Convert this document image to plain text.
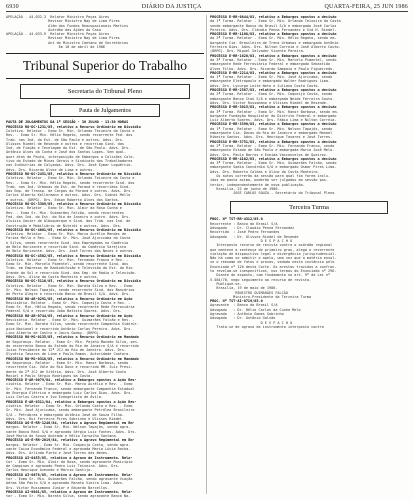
6930	DIÁRIO DA JUSTIÇA	QUARTA-FEIRA, 25 JUN 1986
APELAÇÃO - 44.032-3  Relator Ministro Peças Aires
Revisor Ministro Nay de Lima Pires
Além dos Fundos Reocupacionais Martins
Acórdão das Ações do Caso
APELAÇÃO - 44.033-9  Relator Ministro Peças Aires
Revisor Ministro Nay de Lima Pires
Ant do Ministro Caetano de Secretários
Em 10 de abril de 1986
Tribunal Superior do Trabalho
Secretaria do Tribunal Pleno
Pauta de Julgamentos
PAUTA DE JULGAMENTOS DA 1ª SESSÃO - 30 JULHO - 13:30 HORAS
PROCESSO RO-DC-1231/85, relativo a Recurso Ordinário em Dissídio
Coletivo. Relator - Exmo Sr. Min. Orlando Teixeira da Costa e
Rev. - Exmo Sr. Min. Hélio Regato, sendo recorrente Fed. dos
Trab. nas Ind. do Est. de São Paulo e outros. Advs. Drs.
Ulisses Riedel de Resende e outros e recorrido Sind. das
Ind. de Fiação e Tecelagem do Est. de São Paulo. Advs. Drs.
Antônio Alves da Cunha e José dos Santos Lopes. Sem qual-
quer atos de Pauta, interposição de Embargos a Colisões Cole-
tivo do Estado de Minas Gerais e Sindicato dos Trabalhadores
nas Indústrias de Calçados. Advs. Drs. José Eymar Loguércio.
Advs. Drs. Ricardo Alves de Lima e outros.
PROCESSO RO-DC-2451/85, relativo a Recurso Ordinário em Dissídio
Coletivo. Relator - Exmo Sr. Min. Orlando Teixeira da Costa e
Rev. - Exmo Sr. Min. Hélio Regato, sendo recorrente Sind. dos
Trab. nas Ind. Urbanas do Est. do Paraná e recorridos Sind.
das Emp. de Transp. de Cargas do Paraná e outros. Advs. Drs.
Carlos Alberto Kellermann e outros. Advs. Drs. Sidnei Mello
e outros. (DRPG). Drs. Edson Roberto Alves dos Santos.
PROCESSO RO-DC-3389/85, relativo a Recurso Ordinário em Dissídio
Coletivo. Relator - Exmo Sr. Min. Almir da Rosa Cunha e
Rev. - Exmo Sr. Min. Guimarães Falcão, sendo recorrentes
Fed. das Ind. do Est. do Rio de Janeiro e outro. Advs. Drs.
Aluízio Xavier de Albuquerque e Sind. dos Trab. nas Ind. de
Construção e Mobiliário de Niterói e outros. Advs. Drs.
PROCESSO RO-DC-4001/85, relativo a Recurso Ordinário em Dissídio
Coletivo. Relator - Exmo Sr. Min. Marco Aurélio Mendes de
Farias Mello e Rev. - Exmo Sr. Min. José Ajuricaba da Costa
e Silva, sendo recorrente Sind. dos Empregados no Comércio
de Belo Horizonte e recorrido Sind. do Comércio Varejista
de Belo Horizonte. Advs. Drs. José Torres das Neves e outros.
PROCESSO RO-DC-4502/85, relativo a Recurso Ordinário em Dissídio
Coletivo. Relator - Exmo Sr. Min. Fernando Franco e Rev. -
Exmo Sr. Min. Marcelo Pimentel, sendo recorrente Sind. dos
Trab. em Empresas de Radiodifusão e Televisão do Est. do Rio
Grande do Sul e recorrido Sind. das Emp. de Rádio e Televisão.
Advs. Drs. Alino da Costa Monteiro e outros.
PROCESSO RO-DC-5116/85, relativo a Recurso Ordinário em Dissídio
Coletivo. Relator - Exmo Sr. Min. Barata Silva e Rev. - Exmo
Sr. Min. Nelson Tapajós, sendo recorrente Sind. dos Bancários
de Porto Alegre e recorrido Banco do Brasil S/A. Advs. Drs.
PROCESSO RO-AR-0291/85, relativo a Recurso Ordinário em Ação
Rescisória. Relator - Exmo Sr. Min. Coqueijo Costa e Rev. -
Exmo Sr. Min. Hélio Regato, sendo recorrente Rede Ferroviária
Federal S/A e recorrido João Batista Soares. Advs. Drs.
PROCESSO RO-AR-0744/85, relativo a Recurso Ordinário em Ação
Rescisória. Relator - Exmo Sr. Min. Guimarães Falcão e Rev. -
Exmo Sr. Min. Barata Silva, sendo recorrente Companhia Siderúr-
gica Nacional e recorrido Antônio Carlos Pereira. Advs. Drs.
Lino Alberto de Castro e Jairo Godoy. (DRPG).
PROCESSO RO-MS-0135/85, relativo a Recurso Ordinário em Mandado
de Segurança. Relator - Exmo Sr. Min. Pajehú Macedo Silva, sen-
do recorrente Banco do Estado do Rio de Janeiro S/A e recorrido
Juízo Presidente da 12ª JCJ do Rio de Janeiro. Advs. Drs.
Glycério Tavares de Lima e Paulo Ramos. Autoridade Coatora.
PROCESSO RO-MS-0318/85, relativo a Recurso Ordinário em Mandado
de Segurança. Relator - Exmo Sr. Min. Ranor Barbosa, sendo
recorrente Cia. Vale do Rio Doce e recorrido MM. Juiz Presi-
dente da 2ª JCJ de Vitória. Advs. Drs. José Alberto Couto
Maciel e Paulo Sérgio Rodrigues da Costa.
PROCESSO E-AR-0079/84, relativo a Embargos opostos a Ação Res-
cisória. Relator - Exmo Sr. Min. Marco Aurélio e Rev. - Exmo
Sr. Min. Fernando Franco, sendo embargante Companhia Estadual
de Energia Elétrica e embargado Luiz Carlos Dias. Advs. Drs.
Luiz Carlos Castro e Ivo Evangelista de Ávila.
PROCESSO E-AR-0311/84, relativo a Embargos opostos a Ação Res-
cisória. Relator - Exmo Sr. Min. Orlando Costa e Rev. - Exmo
Sr. Min. José Ajuricaba, sendo embargante Petróleo Brasileiro
S/A - Petrobras e embargado Antônio José de Souza Filho.
Advs. Drs. Rui Ferreira Pires Sobrinho e Ulisses Riedel.
PROCESSO AG-E-RR-1240/84, relativo a Agravo Regimental em Em-
bargos. Relator - Exmo Sr. Min. Nelson Tapajós, sendo agra-
vante Banco Real S/A e agravado Sérgio Luiz Fontes. Advs. Drs.
José Maria de Souza Andrade e Hélio Carvalho Santana.
PROCESSO AG-E-RR-2019/84, relativo a Agravo Regimental em Em-
bargos. Relator - Exmo Sr. Min. Coqueijo Costa, sendo agra-
vante Caixa Econômica Federal e agravada Maria Lúcia Rocha.
Advs. Drs. Arlindo Pinto e José Torres das Neves.
PROCESSO AI-0455/85, relativo a Agravo de Instrumento. Rela-
tor - Exmo Sr. Min. Almir da Rosa, sendo agravante Município
de Campinas e agravado Pedro Luiz Teixeira. Advs. Drs.
Carlos Henrique Azevedo e Márcio Gontijo.
PROCESSO AI-0678/85, relativo a Agravo de Instrumento. Rela-
tor - Exmo Sr. Min. Guimarães Falcão, sendo agravante Viação
Aérea São Paulo S/A e agravado Renato Vieira Lima. Advs.
Drs. Victor Russomano Júnior e Eduardo Barcellos.
PROCESSO AI-0801/85, relativo a Agravo de Instrumento. Rela-
tor - Exmo Sr. Min. Barata Silva, sendo agravante Banco Na-
PROCESSO E-RR-0844/83, relativo a Embargos opostos a decisão
da 1ª Turma. Relator - Exmo Sr. Min. Orlando Teixeira da Costa
sendo embargante Banco do Brasil S/A e embargado José Carlos
Pereira. Advs. Drs. Cláudio Penna Fernandez e Sid H. Riedel.
PROCESSO E-RR-1108/83, relativo a Embargos opostos a decisão
da 2ª Turma. Relator - Exmo Sr. Min. Hélio Regato, sendo em-
bargante Cia. Brasileira de Trens Urbanos e embargado Antônio
Ferreira Dias. Advs. Drs. Nilton Correia e José Alberto Couto.
(DRPG). Drs. Miguel Salvador Vicente Pereira.
PROCESSO E-RR-1620/83, relativo a Embargos opostos a decisão
da 3ª Turma. Relator - Exmo Sr. Min. Marcelo Pimentel, sendo
embargante Rede Ferroviária Federal e embargado Sebastião
Alves Filho. Advs. Drs. Ricardo Sampaio e Paulo Figueiredo.
PROCESSO E-RR-2214/83, relativo a Embargos opostos a decisão
da 1ª Turma. Relator - Exmo Sr. Min. José Ajuricaba, sendo
embargante Eletropaulo e embargado Walter Rodrigues Lima.
Advs. Drs. Lycurgo Leite Neto e Juliano Costa Couto.
PROCESSO E-RR-2587/83, relativo a Embargos opostos a decisão
da 2ª Turma. Relator - Exmo Sr. Min. Coqueijo Costa, sendo
embargante Banco Itaú S/A e embargada Neide Ferreira Souto.
Advs. Drs. Victor Russomano e Ulisses Riedel de Resende.
PROCESSO E-RR-3015/83, relativo a Embargos opostos a decisão
da 3ª Turma. Relator - Exmo Sr. Min. Ranor Barbosa, sendo em-
bargante Fundação Hospitalar do Distrito Federal e embargado
Luiz Alberto Soares. Advs. Drs. Fábio Lima e Nilton Correia.
PROCESSO E-RR-3390/83, relativo a Embargos opostos a decisão
da 1ª Turma. Relator - Exmo Sr. Min. Nelson Tapajós, sendo
embargante Cia. Docas do Rio de Janeiro e embargado Manoel
Ribeiro Santos. Advs. Drs. Henrique Tavares e José Torres.
PROCESSO E-RR-3751/83, relativo a Embargos opostos a decisão
da 2ª Turma. Relator - Exmo Sr. Min. Fernando Franco, sendo
embargante Estado de São Paulo e embargada Maria José Melo.
Advs. Drs. Paulo Barros e Eneida Vasconcelos de Queiroz.
PROCESSO E-RR-4102/83, relativo a Embargos opostos a decisão
da 3ª Turma. Relator - Exmo Sr. Min. Guimarães Falcão, sendo
embargante Sadia Concórdia S/A e embargado Osmar Pires Lima.
Advs. Drs. Roberto Caldas e Alino da Costa Monteiro.
Os autos correrão da sessão para qual fim forem inclu-
ídos em pauta acima, poderão ser julgados em sessão pos-
terior, independentemente de nova publicação.
Brasília, 23 de junho de 1986.
JOSÉ CARLOS SOUZA - Secretário do Tribunal Pleno
Terceira Turma
PROC. Nº TST-RR-4312/85.0
Recorrente : Banco do Brasil S/A
Advogado   : Dr. Claudio Penna Fernandez
Recorrido  : José Pedro Fernandes
Advogado   : Dr. Ulisses Riedel de Resende
D E S P A C H O
Interposto recurso de revista contra o acórdão regional
que manteve a sentença de primeiro grau, alega o recorrente
violação de dispositivo legal e divergência jurisprudencial.
Não há como se admitir o apelo, uma vez que a matéria envol-
ve o reexame de fatos e provas, vedado nesta instância pelo
Enunciado nº 126 desta Corte. Os arestos trazidos a confron-
to revelam-se inespecíficos, nos termos do Enunciado nº 296.
Diante do exposto, com fundamento no art. 9º da Lei nº
5.584/70, nego seguimento ao recurso de revista.
Publique-se.
Brasília, 19 de maio de 1986.
MINISTRO GUIMARÃES FALCÃO
Ministro-Presidente da Terceira Turma
PROC. Nº TST-AI-0719/85.0
Agravante  : Banco do Brasil S/A
Advogado   : Dr. Hélio Carlos da Cunha Melo
Agravado   : Antônio Gomes Sobrinho
Advogado   : Dr. Antônio Galvão
D E S P A C H O
Trata-se de agravo de instrumento interposto contra
